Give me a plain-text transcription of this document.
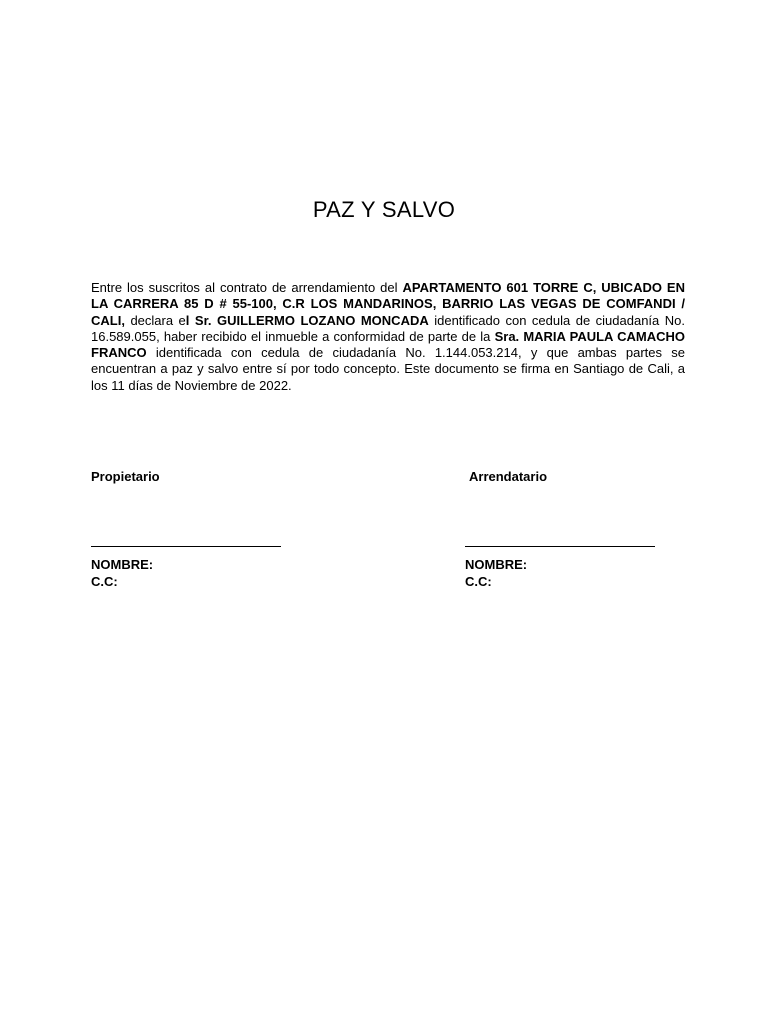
PAZ Y SALVO

Entre los suscritos al contrato de arrendamiento del APARTAMENTO 601 TORRE C, UBICADO EN LA CARRERA 85 D # 55-100, C.R LOS MANDARINOS, BARRIO LAS VEGAS DE COMFANDI / CALI, declara el Sr. GUILLERMO LOZANO MONCADA identificado con cedula de ciudadanía No. 16.589.055, haber recibido el inmueble a conformidad de parte de la Sra. MARIA PAULA CAMACHO FRANCO identificada con cedula de ciudadanía No. 1.144.053.214, y que ambas partes se encuentran a paz y salvo entre sí por todo concepto. Este documento se firma en Santiago de Cali, a los 11 días de Noviembre de 2022.

Propietario
NOMBRE:
C.C:
Arrendatario
NOMBRE:
C.C:
